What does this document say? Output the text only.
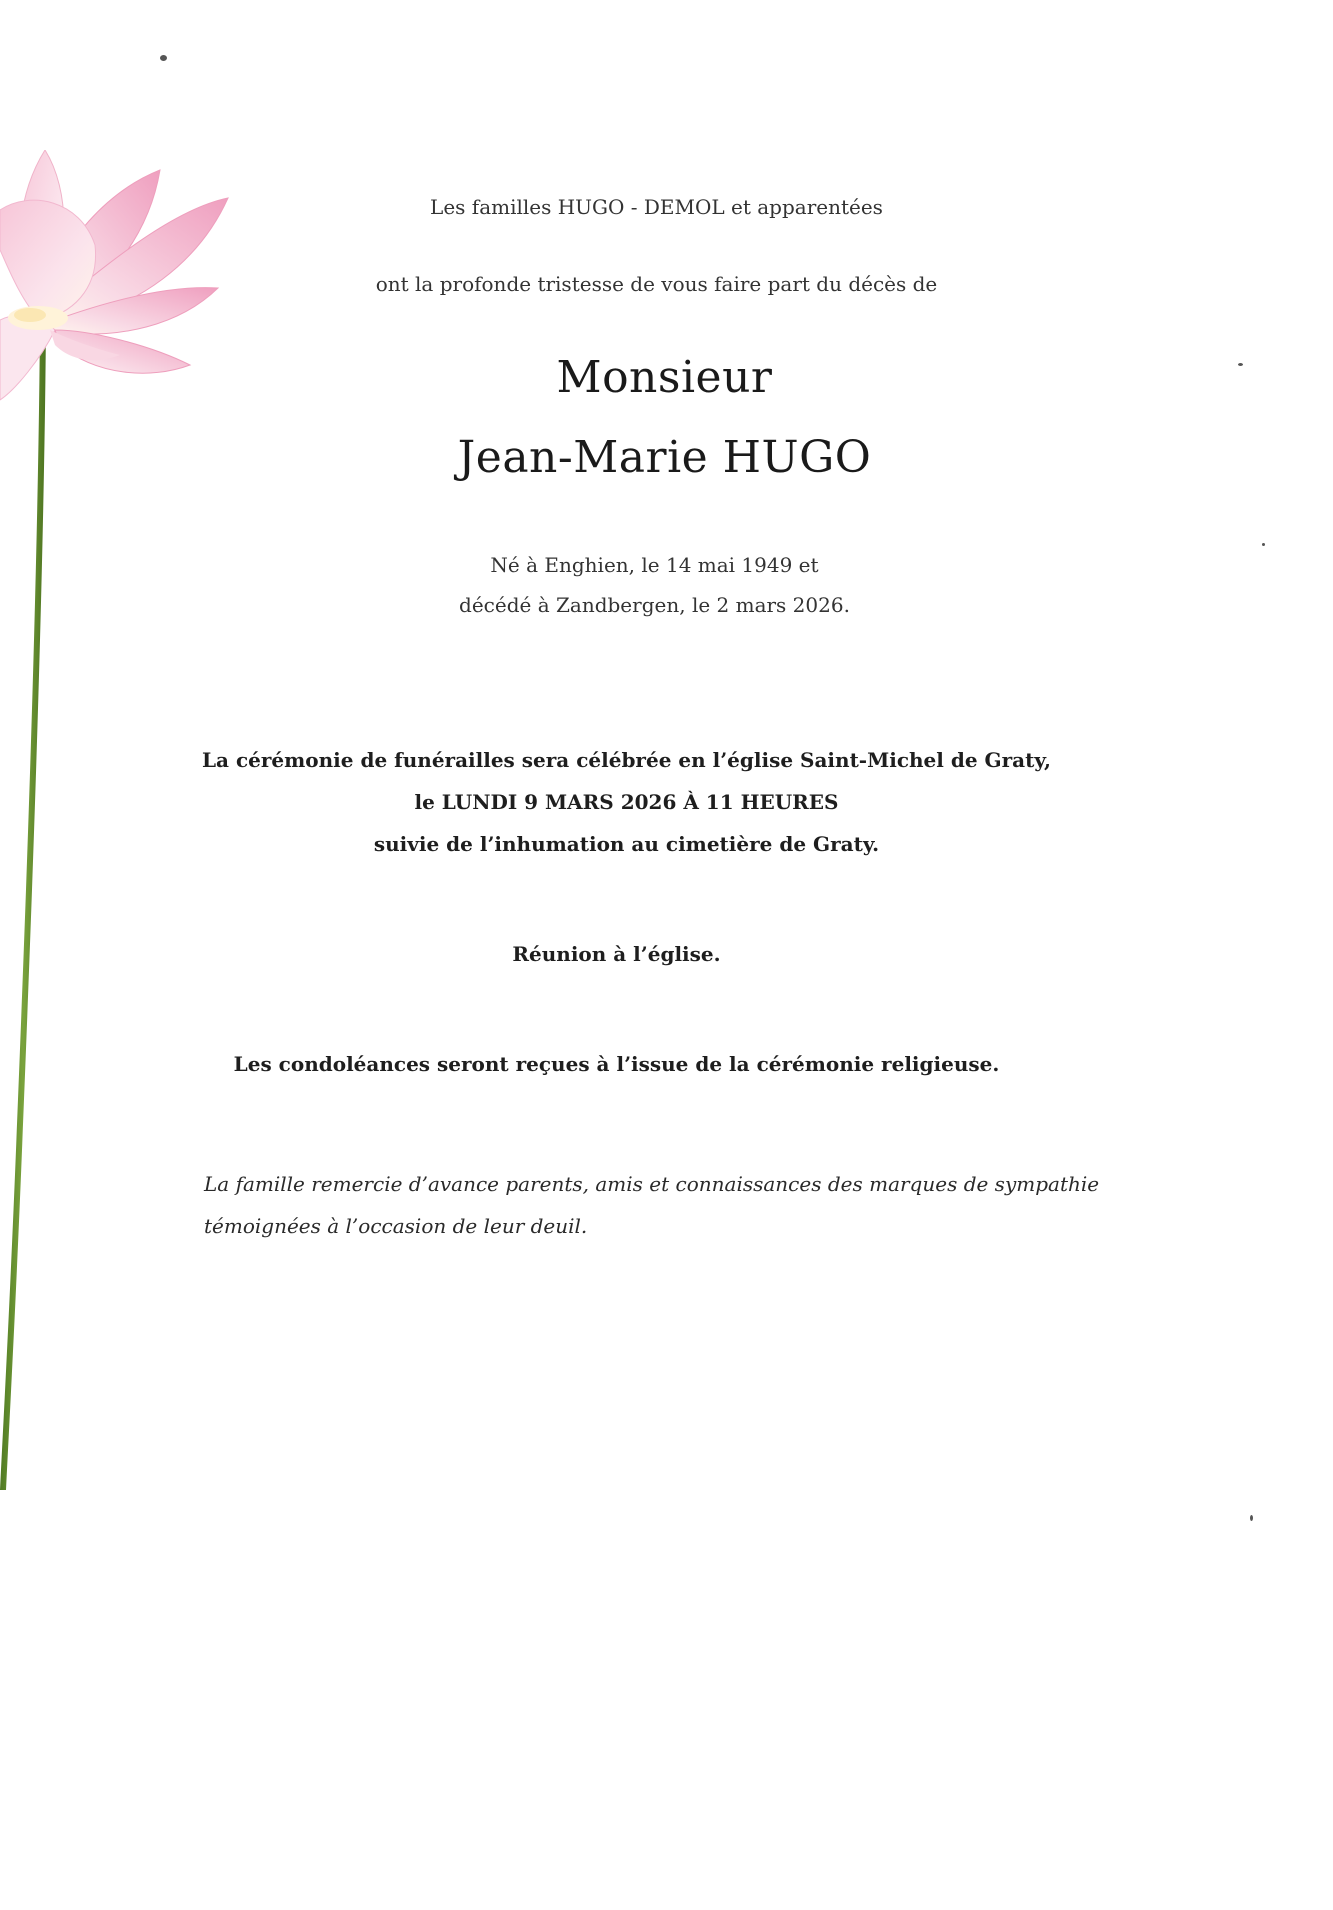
Les familles HUGO - DEMOL et apparentées
ont la profonde tristesse de vous faire part du décès de
Monsieur
Jean-Marie HUGO
Né à Enghien, le 14 mai 1949 et
décédé à Zandbergen, le 2 mars 2026.
La cérémonie de funérailles sera célébrée en l’église Saint-Michel de Graty,
le LUNDI 9 MARS 2026 À 11 HEURES
suivie de l’inhumation au cimetière de Graty.
Réunion à l’église.
Les condoléances seront reçues à l’issue de la cérémonie religieuse.
La famille remercie d’avance parents, amis et connaissances des marques de sympathie
témoignées à l’occasion de leur deuil.
